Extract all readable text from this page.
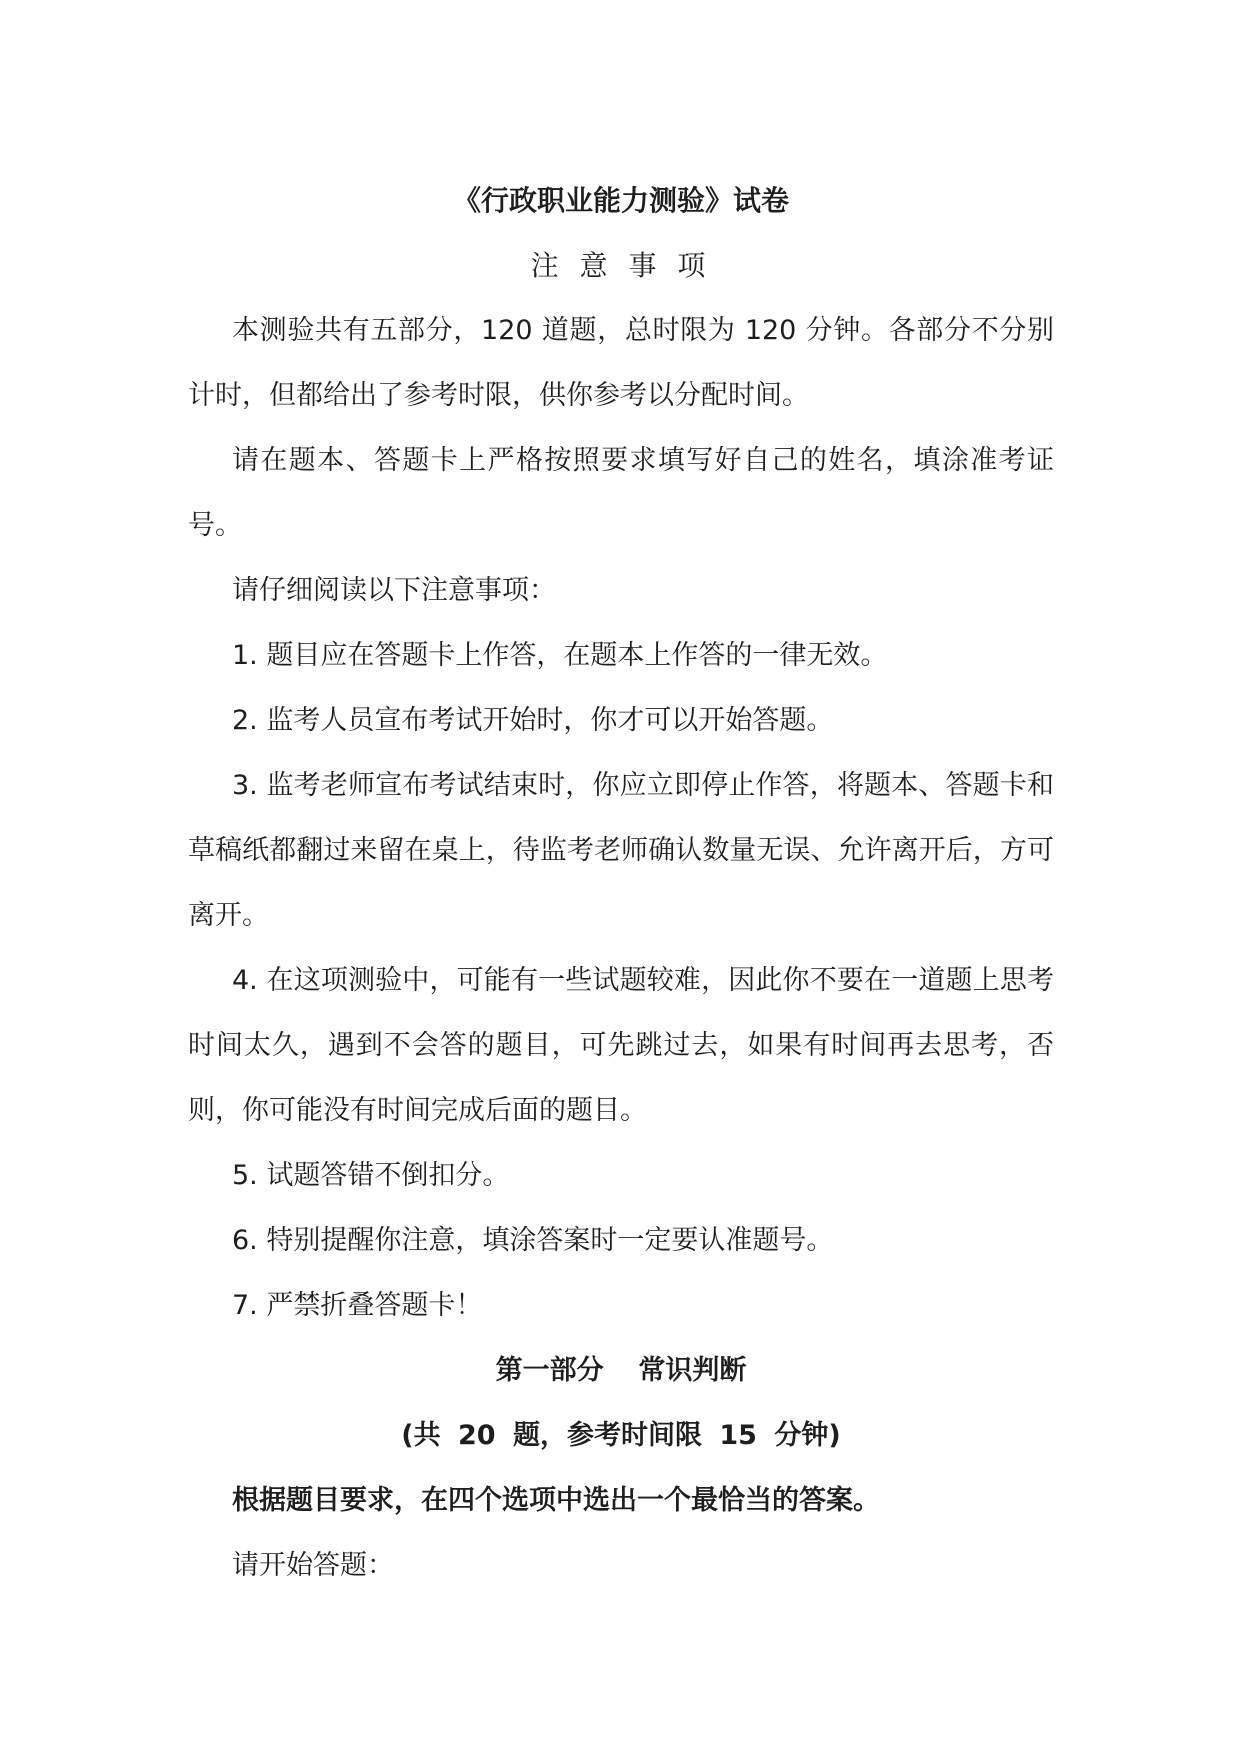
《行政职业能力测验》试卷

注 意 事 项

本测验共有五部分，120 道题，总时限为 120 分钟。各部分不分别计时，但都给出了参考时限，供你参考以分配时间。

请在题本、答题卡上严格按照要求填写好自己的姓名，填涂准考证号。

请仔细阅读以下注意事项：

1. 题目应在答题卡上作答，在题本上作答的一律无效。

2. 监考人员宣布考试开始时，你才可以开始答题。

3. 监考老师宣布考试结束时，你应立即停止作答，将题本、答题卡和草稿纸都翻过来留在桌上，待监考老师确认数量无误、允许离开后，方可离开。

4. 在这项测验中，可能有一些试题较难，因此你不要在一道题上思考时间太久，遇到不会答的题目，可先跳过去，如果有时间再去思考，否则，你可能没有时间完成后面的题目。

5. 试题答错不倒扣分。

6. 特别提醒你注意，填涂答案时一定要认准题号。

7. 严禁折叠答题卡！

第一部分  常识判断

(共 20 题，参考时间限 15 分钟)

根据题目要求，在四个选项中选出一个最恰当的答案。

请开始答题：
